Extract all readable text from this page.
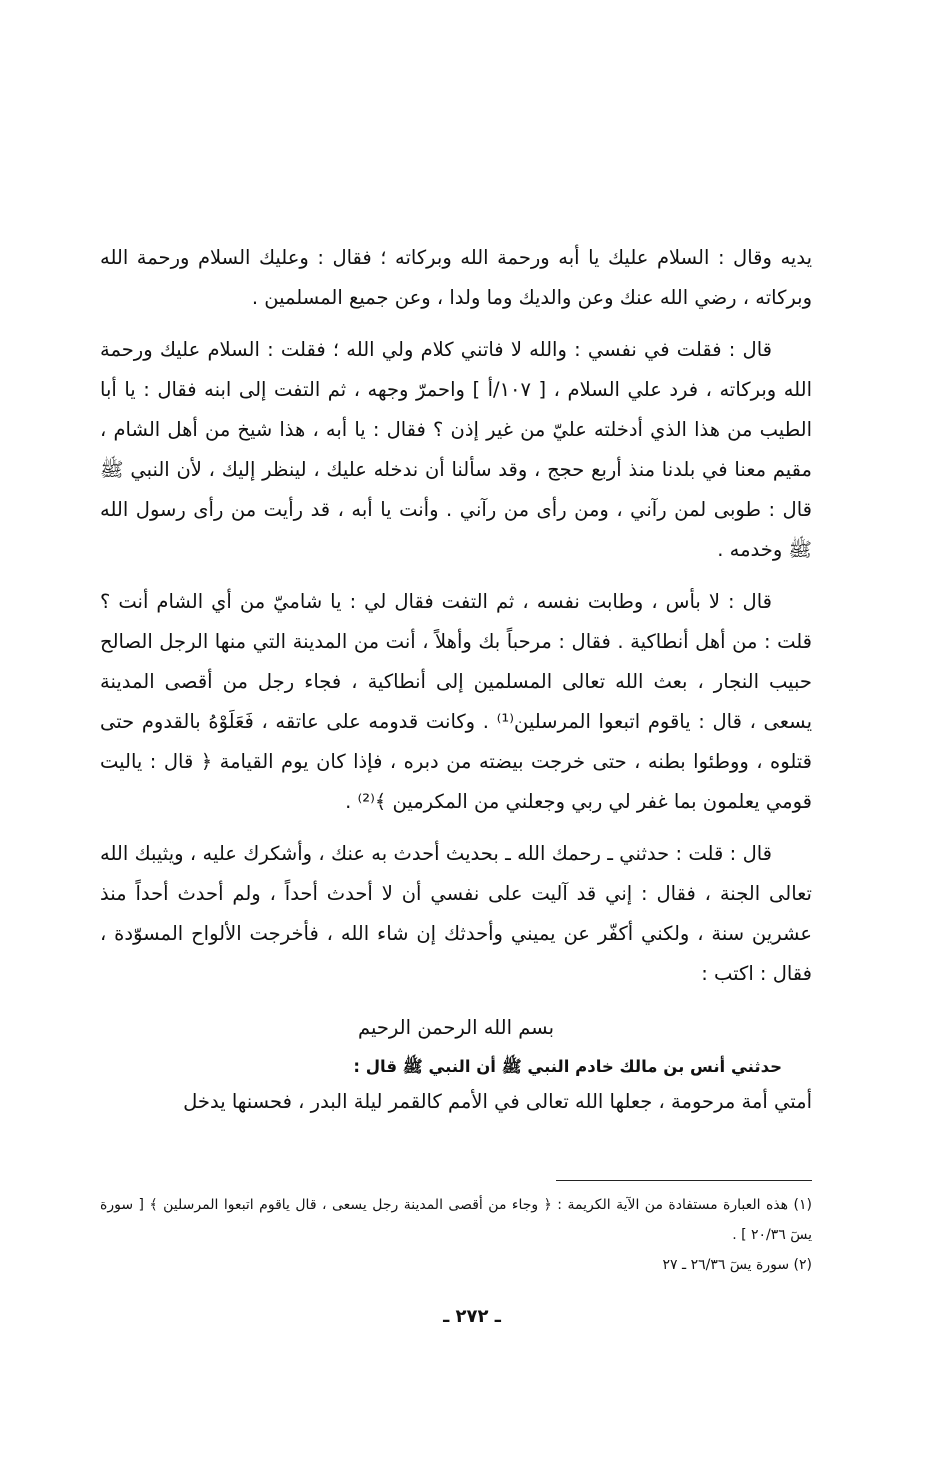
يديه وقال : السلام عليك يا أبه ورحمة الله وبركاته ؛ فقال : وعليك السلام ورحمة الله وبركاته ، رضي الله عنك وعن والديك وما ولدا ، وعن جميع المسلمين .

قال : فقلت في نفسي : والله لا فاتني كلام ولي الله ؛ فقلت : السلام عليك ورحمة الله وبركاته ، فرد علي السلام ، [ ١٠٧/أ ] واحمرّ وجهه ، ثم التفت إلى ابنه فقال : يا أبا الطيب من هذا الذي أدخلته عليّ من غير إذن ؟ فقال : يا أبه ، هذا شيخ من أهل الشام ، مقيم معنا في بلدنا منذ أربع حجج ، وقد سألنا أن ندخله عليك ، لينظر إليك ، لأن النبي ﷺ قال : طوبى لمن رآني ، ومن رأى من رآني . وأنت يا أبه ، قد رأيت من رأى رسول الله ﷺ وخدمه .

قال : لا بأس ، وطابت نفسه ، ثم التفت فقال لي : يا شاميّ من أي الشام أنت ؟ قلت : من أهل أنطاكية . فقال : مرحباً بك وأهلاً ، أنت من المدينة التي منها الرجل الصالح حبيب النجار ، بعث الله تعالى المسلمين إلى أنطاكية ، فجاء رجل من أقصى المدينة يسعى ، قال : ياقوم اتبعوا المرسلين⁽¹⁾ . وكانت قدومه على عاتقه ، فَعَلَوْهُ بالقدوم حتى قتلوه ، ووطئوا بطنه ، حتى خرجت بيضته من دبره ، فإذا كان يوم القيامة ﴿ قال : ياليت قومي يعلمون بما غفر لي ربي وجعلني من المكرمين ﴾⁽²⁾ .

قال : قلت : حدثني ـ رحمك الله ـ بحديث أحدث به عنك ، وأشكرك عليه ، ويثيبك الله تعالى الجنة ، فقال : إني قد آليت على نفسي أن لا أحدث أحداً ، ولم أحدث أحداً منذ عشرين سنة ، ولكني أكفّر عن يميني وأحدثك إن شاء الله ، فأخرجت الألواح المسوّدة ، فقال : اكتب :

بسم الله الرحمن الرحيم

حدثني أنس بن مالك خادم النبي ﷺ أن النبي ﷺ قال :

أمتي أمة مرحومة ، جعلها الله تعالى في الأمم كالقمر ليلة البدر ، فحسنها يدخل

(١) هذه العبارة مستفادة من الآية الكريمة : ﴿ وجاء من أقصى المدينة رجل يسعى ، قال ياقوم اتبعوا المرسلين ﴾ [ سورة يسٓ ٢٠/٣٦ ] .

(٢) سورة يسٓ ٢٦/٣٦ ـ ٢٧

ـ ٢٧٢ ـ
